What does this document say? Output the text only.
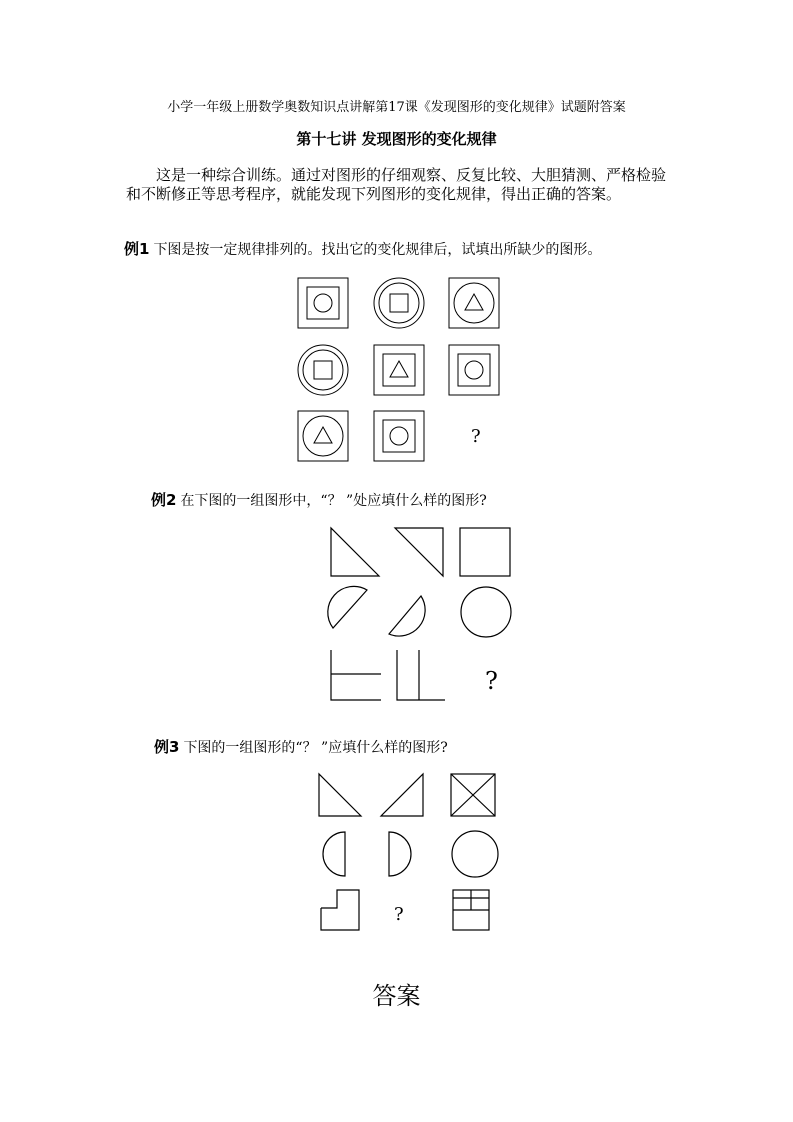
小学一年级上册数学奥数知识点讲解第17课《发现图形的变化规律》试题附答案
第十七讲 发现图形的变化规律

这是一种综合训练。通过对图形的仔细观察、反复比较、大胆猜测、严格检验和不断修正等思考程序，就能发现下列图形的变化规律，得出正确的答案。

例1 下图是按一定规律排列的。找出它的变化规律后，试填出所缺少的图形。
?
例2 在下图的一组图形中，“？ ”处应填什么样的图形?
?
例3 下图的一组图形的“？ ”应填什么样的图形?
?
答案
